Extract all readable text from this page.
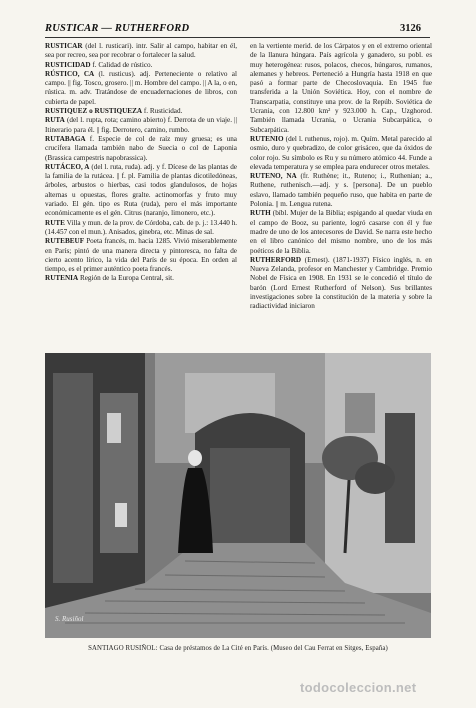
RUSTICAR — RUTHERFORD	3126

RUSTICAR (del l. rusticari). intr. Salir al campo, habitar en él, sea por recreo, sea por recobrar o fortalecer la salud.

RUSTICIDAD f. Calidad de rústico.

RÚSTICO, CA (l. rusticus). adj. Perteneciente o relativo al campo. || fig. Tosco, grosero. || m. Hombre del campo. || A la, o en, rústica. m. adv. Tratándose de encuadernaciones de libros, con cubierta de papel.

RUSTIQUEZ o RUSTIQUEZA f. Rusticidad.

RUTA (del l. rupta, rota; camino abierto) f. Derrota de un viaje. || Itinerario para él. || fig. Derrotero, camino, rumbo.

RUTABAGA f. Especie de col de raíz muy gruesa; es una crucífera llamada también nabo de Suecia o col de Laponia (Brassica campestris napobrassica).

RUTÁCEO, A (del l. ruta, ruda). adj. y f. Dícese de las plantas de la familia de la rutácea. || f. pl. Familia de plantas dicotiledóneas, árboles, arbustos o hierbas, casi todos glandulosos, de hojas alternas u opuestas, flores gralte. actinomorfas y fruto muy variado. El gén. tipo es Ruta (ruda), pero el más importante económicamente es el gén. Citrus (naranjo, limonero, etc.).

RUTE Villa y mun. de la prov. de Córdoba, cab. de p. j.: 13.440 h. (14.457 con el mun.). Anisados, ginebra, etc. Minas de sal.

RUTEBEUF Poeta francés, m. hacia 1285. Vivió miserablemente en París; pintó de una manera directa y pintoresca, no falta de cierto acento lírico, la vida del París de su época. En orden al tiempo, es el primer auténtico poeta francés.

RUTENIA Región de la Europa Central, sit.

en la vertiente merid. de los Cárpatos y en el extremo oriental de la llanura húngara. País agrícola y ganadero, su pobl. es muy heterogénea: rusos, polacos, checos, húngaros, rumanos, alemanes y hebreos. Perteneció a Hungría hasta 1918 en que pasó a formar parte de Checoslovaquia. En 1945 fue transferida a la Unión Soviética. Hoy, con el nombre de Transcarpatia, constituye una prov. de la Repúb. Soviética de Ucrania, con 12.800 km² y 923.000 h. Cap., Uzghorod. También llamada Ucrania, o Ucrania Subcarpática, o Subcarpática.

RUTENIO (del l. ruthenus, rojo). m. Quím. Metal parecido al osmio, duro y quebradizo, de color grisáceo, que da óxidos de color rojo. Su símbolo es Ru y su número atómico 44. Funde a elevada temperatura y se emplea para endurecer otros metales.

RUTENO, NA (fr. Ruthène; it., Ruteno; i., Ruthenian; a., Ruthene, ruthenisch.—adj. y s. [persona]. De un pueblo eslavo, llamado también pequeño ruso, que habita en parte de Polonia. || m. Lengua rutena.

RUTH (bíbl. Mujer de la Biblia; espigando al quedar viuda en el campo de Booz, su pariente, logró casarse con él y fue madre de uno de los antecesores de David. Se narra este hecho en el libro canónico del mismo nombre, uno de los más poéticos de la Biblia.

RUTHERFORD (Ernest). (1871-1937) Físico inglés, n. en Nueva Zelanda, profesor en Manchester y Cambridge. Premio Nobel de Física en 1908. En 1931 se le concedió el título de barón (Lord Ernest Rutherford of Nelson). Sus brillantes investigaciones sobre la constitución de la materia y sobre la radiactividad iniciaron

S. Rusiñol
SANTIAGO RUSIÑOL: Casa de préstamos de La Cité en París. (Museo del Cau Ferrat en Sitges, España)
todocoleccion.net
